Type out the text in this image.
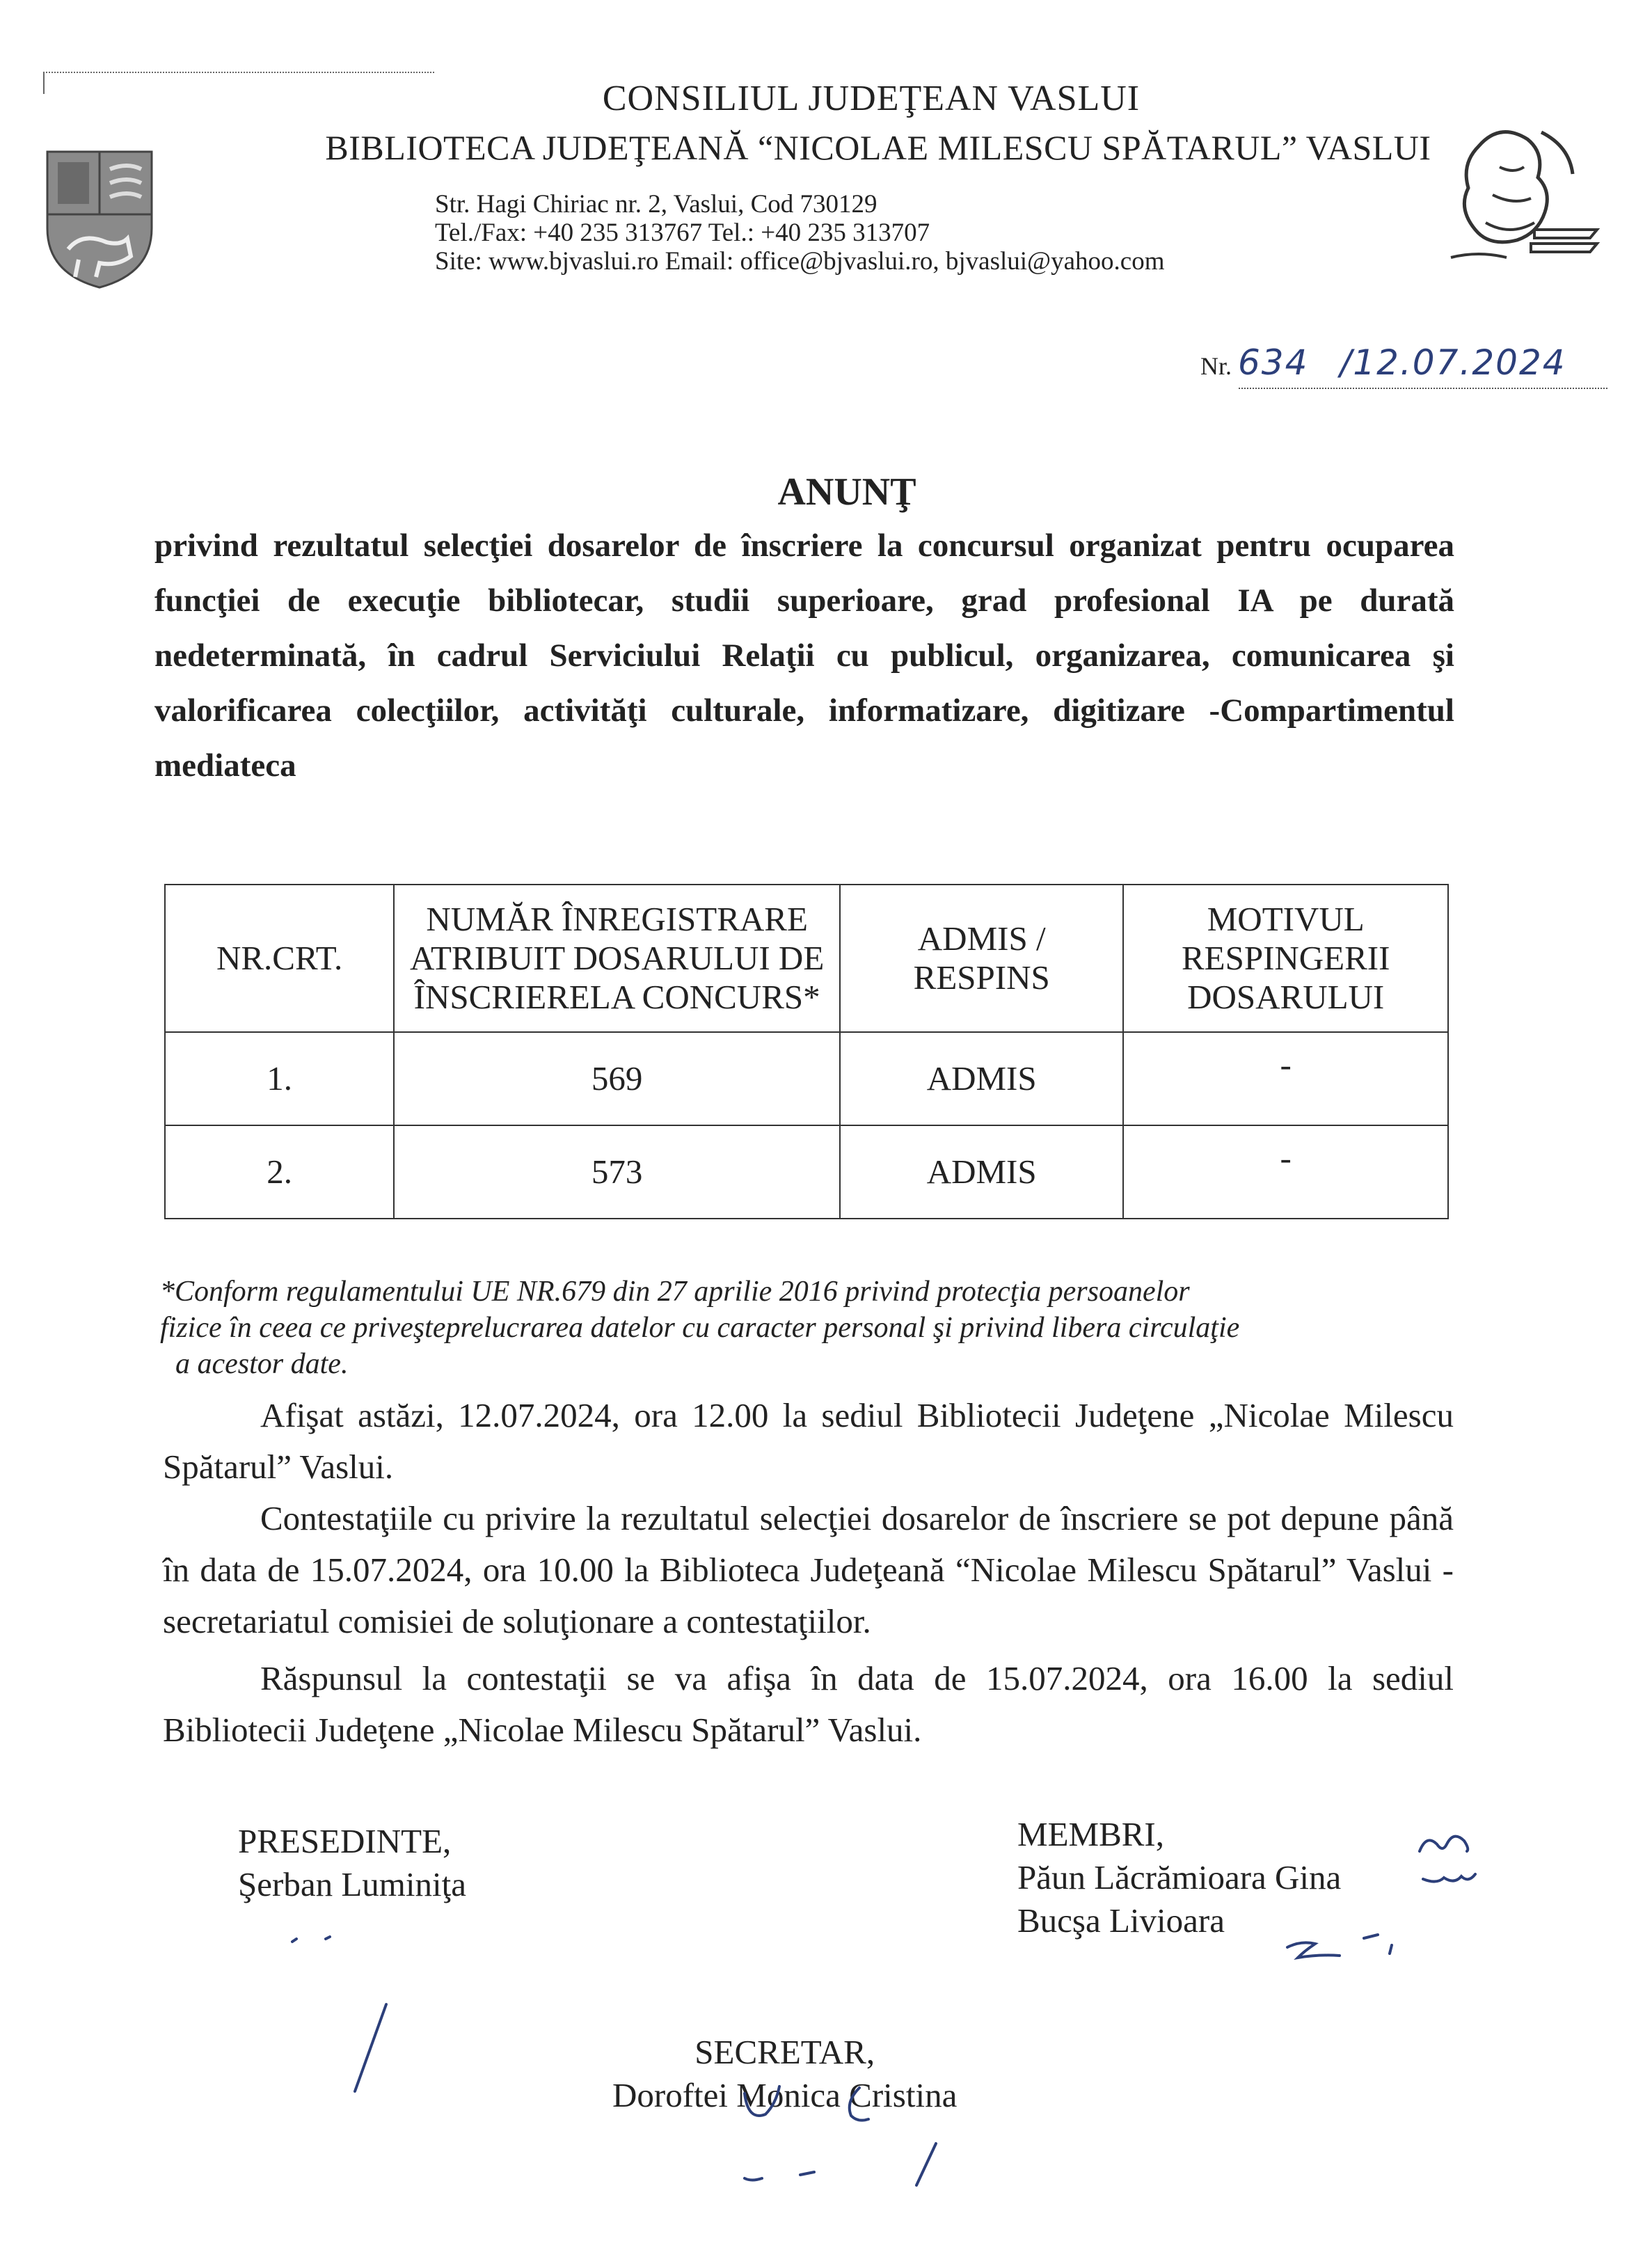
CONSILIUL JUDEŢEAN VASLUI
BIBLIOTECA JUDEŢEANĂ “NICOLAE MILESCU SPĂTARUL” VASLUI
Str. Hagi Chiriac nr. 2, Vaslui, Cod 730129
Tel./Fax: +40 235 313767 Tel.: +40 235 313707
Site: www.bjvaslui.ro Email: office@bjvaslui.ro, bjvaslui@yahoo.com
Nr. 634 /12.07.2024
ANUNŢ
privind rezultatul selecţiei dosarelor de înscriere la concursul organizat pentru ocuparea funcţiei de execuţie bibliotecar, studii superioare, grad profesional IA pe durată nedeterminată, în cadrul Serviciului Relaţii cu publicul, organizarea, comunicarea şi valorificarea colecţiilor, activităţi culturale, informatizare, digitizare -Compartimentul mediateca
NR.CRT.	NUMĂR ÎNREGISTRARE ATRIBUIT DOSARULUI DE ÎNSCRIERELA CONCURS*	ADMIS / RESPINS	MOTIVUL RESPINGERII DOSARULUI
1.	569	ADMIS	-

2.	573	ADMIS	-
*Conform regulamentului UE NR.679 din 27 aprilie 2016 privind protecţia persoanelor
fizice în ceea ce priveşteprelucrarea datelor cu caracter personal şi privind libera circulaţie
a acestor date.
Afişat astăzi, 12.07.2024, ora 12.00 la sediul Bibliotecii Judeţene „Nicolae Milescu Spătarul” Vaslui.
Contestaţiile cu privire la rezultatul selecţiei dosarelor de înscriere se pot depune până în data de 15.07.2024, ora 10.00 la Biblioteca Judeţeană “Nicolae Milescu Spătarul” Vaslui - secretariatul comisiei de soluţionare a contestaţiilor.
Răspunsul la contestaţii se va afişa în data de 15.07.2024, ora 16.00 la sediul Bibliotecii Judeţene „Nicolae Milescu Spătarul” Vaslui.
PRESEDINTE,
Şerban Luminiţa
MEMBRI,
Păun Lăcrămioara Gina
Bucşa Livioara
SECRETAR,
Doroftei Monica Cristina
